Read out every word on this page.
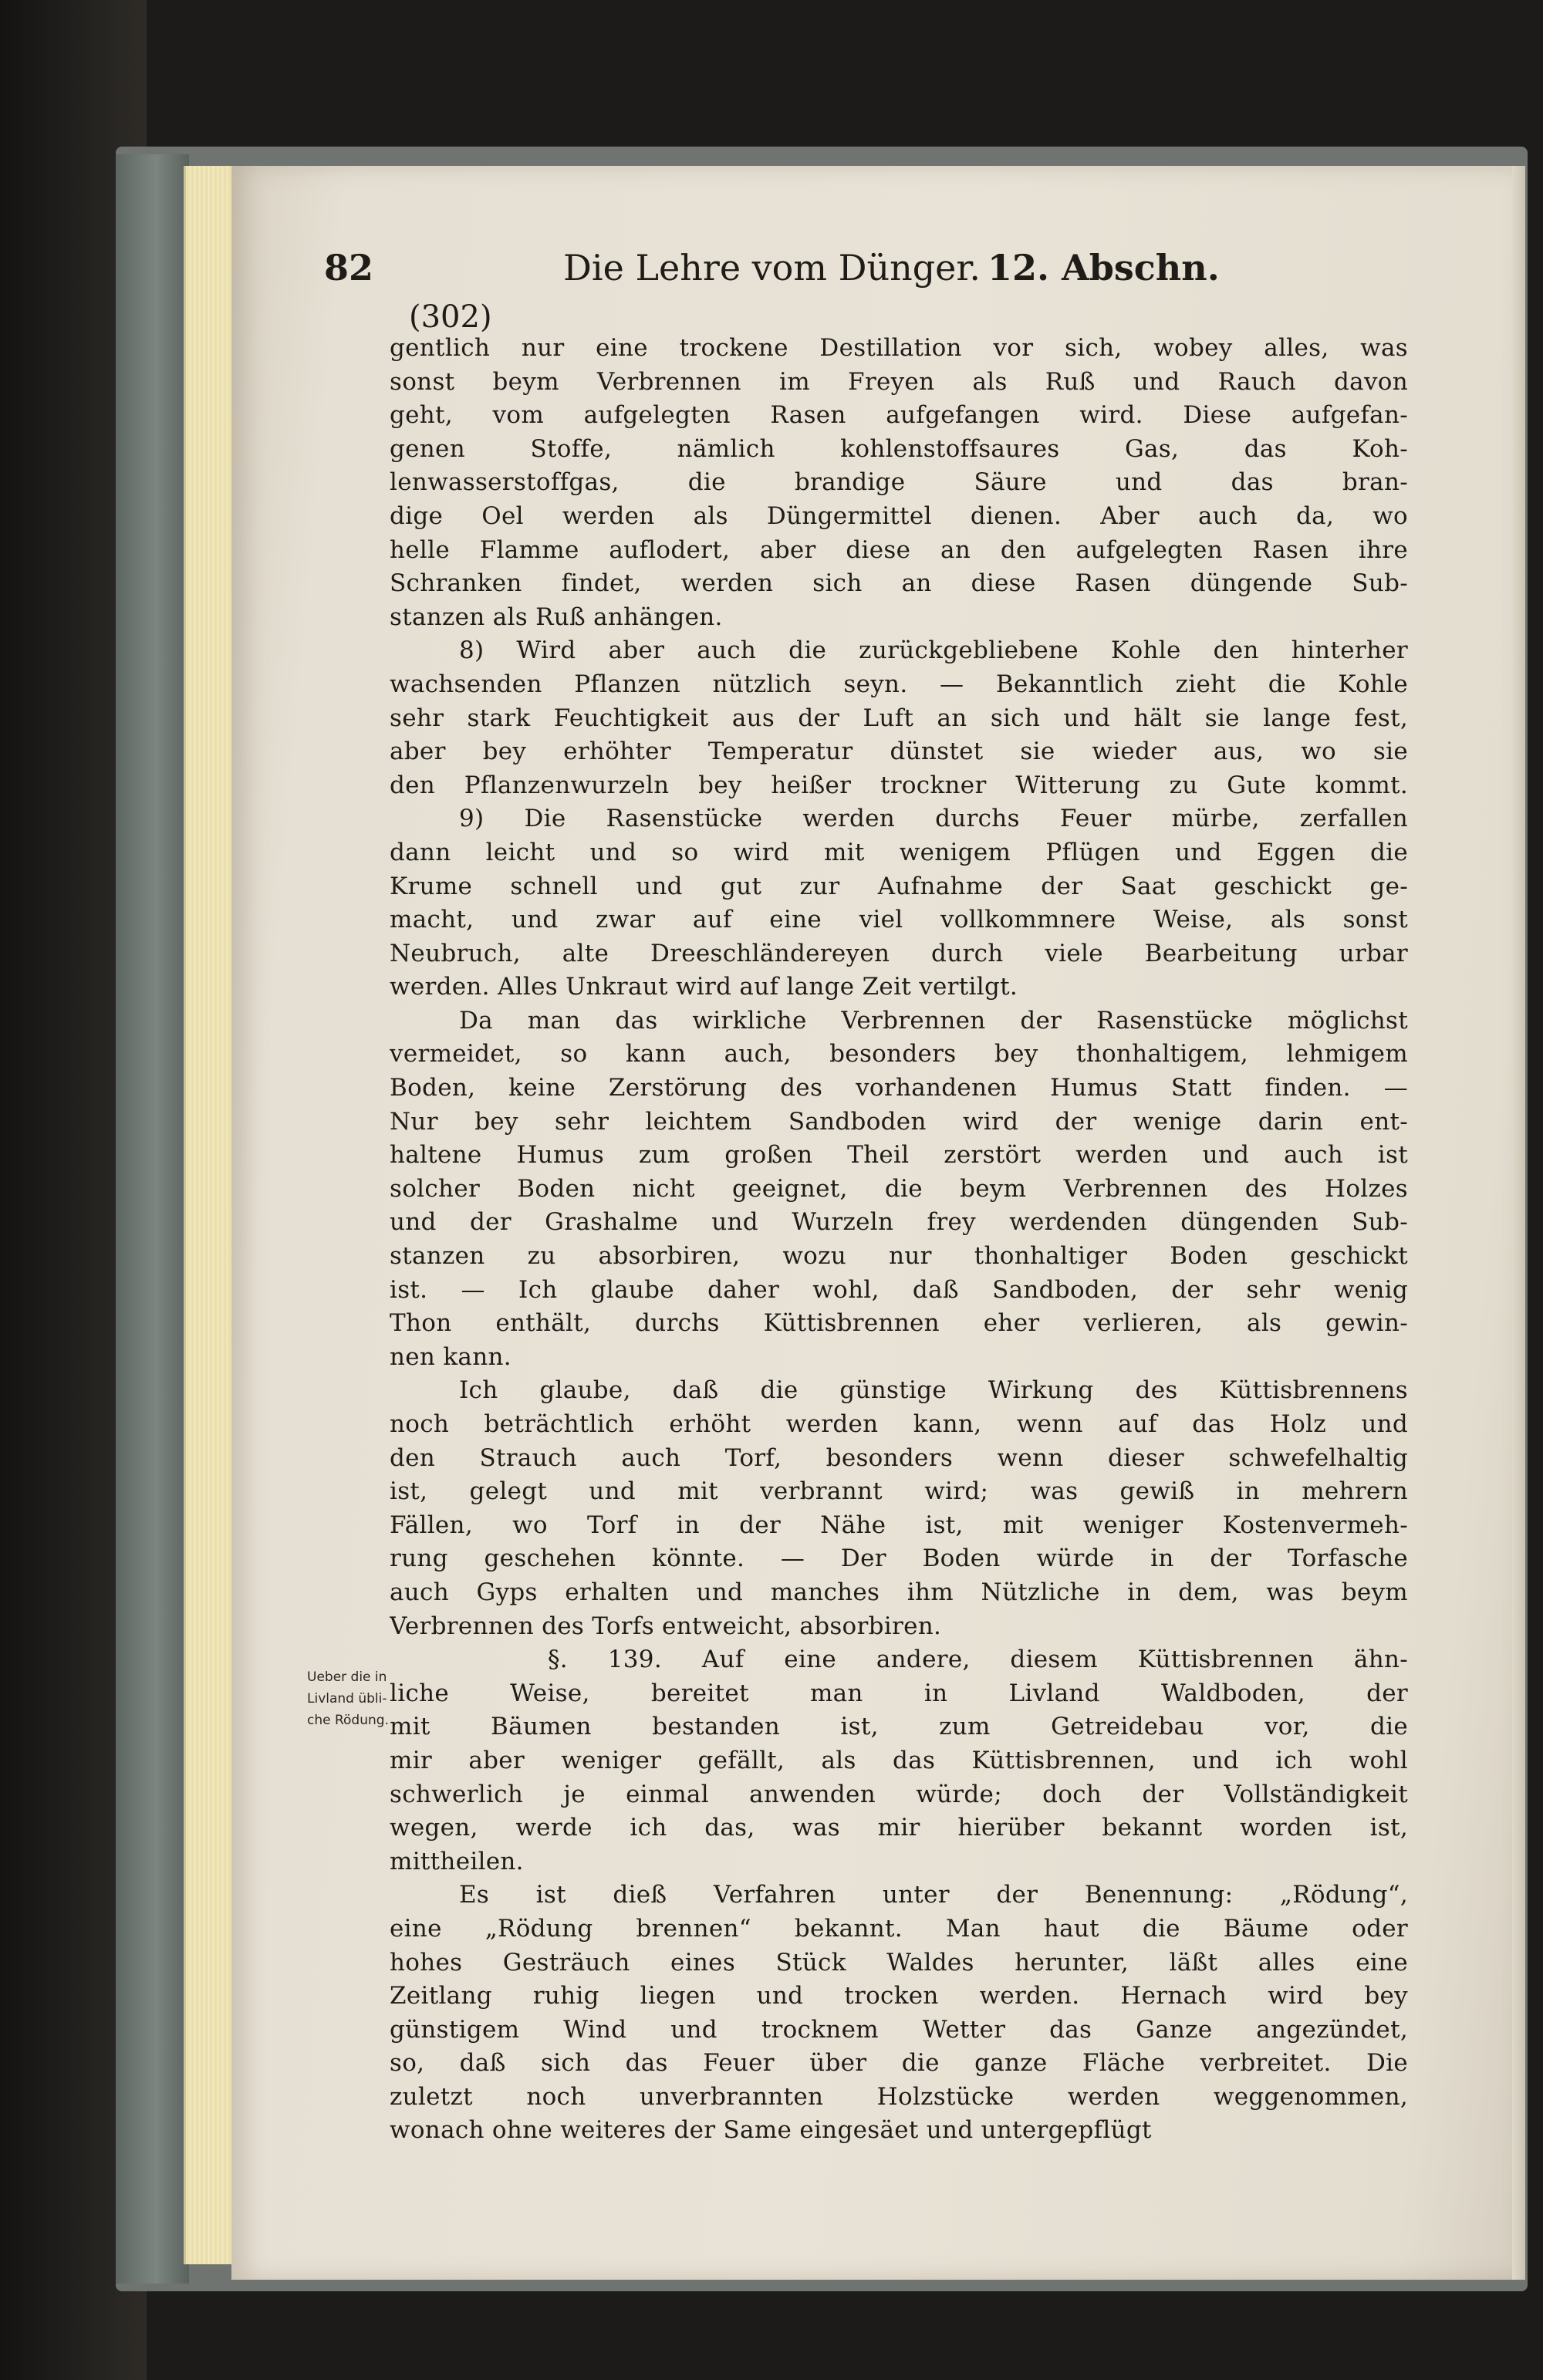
82	Die Lehre vom Dünger. 12. Abschn.
(302)
Ueber die in
Livland übli-
che Rödung.
gentlich nur eine trockene Destillation vor sich, wobey alles, was
sonst beym Verbrennen im Freyen als Ruß und Rauch davon
geht, vom aufgelegten Rasen aufgefangen wird. Diese aufgefan-
genen Stoffe, nämlich kohlenstoffsaures Gas, das Koh-
lenwasserstoffgas, die brandige Säure und das bran-
dige Oel werden als Düngermittel dienen. Aber auch da, wo
helle Flamme auflodert, aber diese an den aufgelegten Rasen ihre
Schranken findet, werden sich an diese Rasen düngende Sub-
stanzen als Ruß anhängen.
8) Wird aber auch die zurückgebliebene Kohle den hinterher
wachsenden Pflanzen nützlich seyn. — Bekanntlich zieht die Kohle
sehr stark Feuchtigkeit aus der Luft an sich und hält sie lange fest,
aber bey erhöhter Temperatur dünstet sie wieder aus, wo sie
den Pflanzenwurzeln bey heißer trockner Witterung zu Gute kommt.
9) Die Rasenstücke werden durchs Feuer mürbe, zerfallen
dann leicht und so wird mit wenigem Pflügen und Eggen die
Krume schnell und gut zur Aufnahme der Saat geschickt ge-
macht, und zwar auf eine viel vollkommnere Weise, als sonst
Neubruch, alte Dreeschländereyen durch viele Bearbeitung urbar
werden. Alles Unkraut wird auf lange Zeit vertilgt.
Da man das wirkliche Verbrennen der Rasenstücke möglichst
vermeidet, so kann auch, besonders bey thonhaltigem, lehmigem
Boden, keine Zerstörung des vorhandenen Humus Statt finden. —
Nur bey sehr leichtem Sandboden wird der wenige darin ent-
haltene Humus zum großen Theil zerstört werden und auch ist
solcher Boden nicht geeignet, die beym Verbrennen des Holzes
und der Grashalme und Wurzeln frey werdenden düngenden Sub-
stanzen zu absorbiren, wozu nur thonhaltiger Boden geschickt
ist. — Ich glaube daher wohl, daß Sandboden, der sehr wenig
Thon enthält, durchs Küttisbrennen eher verlieren, als gewin-
nen kann.
Ich glaube, daß die günstige Wirkung des Küttisbrennens
noch beträchtlich erhöht werden kann, wenn auf das Holz und
den Strauch auch Torf, besonders wenn dieser schwefelhaltig
ist, gelegt und mit verbrannt wird; was gewiß in mehrern
Fällen, wo Torf in der Nähe ist, mit weniger Kostenvermeh-
rung geschehen könnte. — Der Boden würde in der Torfasche
auch Gyps erhalten und manches ihm Nützliche in dem, was beym
Verbrennen des Torfs entweicht, absorbiren.
§. 139. Auf eine andere, diesem Küttisbrennen ähn-
liche Weise, bereitet man in Livland Waldboden, der
mit Bäumen bestanden ist, zum Getreidebau vor, die
mir aber weniger gefällt, als das Küttisbrennen, und ich wohl
schwerlich je einmal anwenden würde; doch der Vollständigkeit
wegen, werde ich das, was mir hierüber bekannt worden ist,
mittheilen.
Es ist dieß Verfahren unter der Benennung: „Rödung“,
eine „Rödung brennen“ bekannt. Man haut die Bäume oder
hohes Gesträuch eines Stück Waldes herunter, läßt alles eine
Zeitlang ruhig liegen und trocken werden. Hernach wird bey
günstigem Wind und trocknem Wetter das Ganze angezündet,
so, daß sich das Feuer über die ganze Fläche verbreitet. Die
zuletzt noch unverbrannten Holzstücke werden weggenommen,
wonach ohne weiteres der Same eingesäet und untergepflügt
